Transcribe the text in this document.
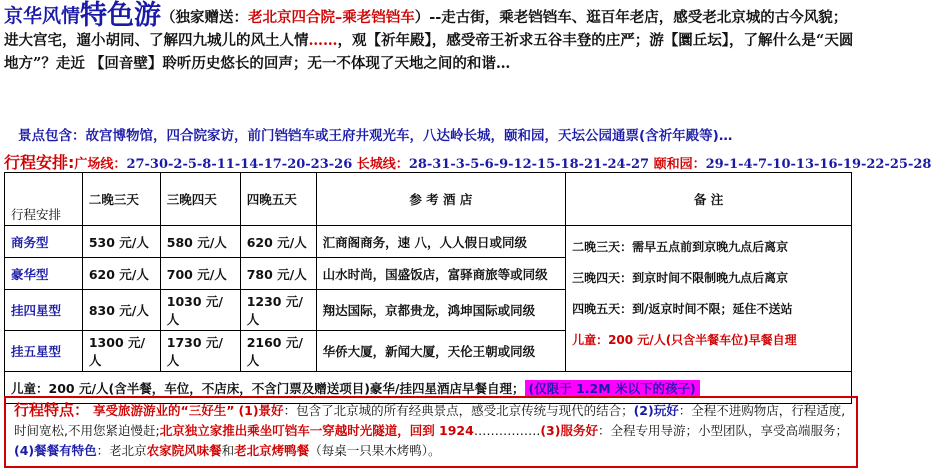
京华风情特色游（独家赠送：老北京四合院–乘老铛铛车）--走古街，乘老铛铛车、逛百年老店，感受老北京城的古今风貌；进大宫宅，遛小胡同、了解四九城儿的风土人情……，观【祈年殿】，感受帝王祈求五谷丰登的庄严；游【圜丘坛】，了解什么是“天圆地方”？走近 【回音壁】聆听历史悠长的回声；无一不体现了天地之间的和谐…
景点包含：故宫博物馆，四合院家访，前门铛铛车或王府井观光车，八达岭长城，颐和园，天坛公园通票(含祈年殿等)…
行程安排:广场线：27-30-2-5-8-11-14-17-20-23-26 长城线：28-31-3-5-6-9-12-15-18-21-24-27 颐和园：29-1-4-7-10-13-16-19-22-25-28
行程安排	二晚三天	三晚四天	四晚五天	参 考 酒 店	备 注
商务型	530 元/人	580 元/人	620 元/人	汇商阁商务，速 八，人人假日或同级	二晚三天：需早五点前到京晚九点后离京
三晚四天：到京时间不限制晚九点后离京
四晚五天：到/返京时间不限；延住不送站
儿童：200 元/人(只含半餐车位)早餐自理

豪华型	620 元/人	700 元/人	780 元/人	山水时尚，国盛饭店，富驿商旅等或同级	
挂四星型	830 元/人	1030 元/人	1230 元/人	翔达国际，京都贵龙，鸿坤国际或同级	
挂五星型	1300 元/人	1730 元/人	2160 元/人	华侨大厦，新闻大厦，天伦王朝或同级	
儿童：200 元/人(含半餐，车位，不店床，不含门票及赠送项目)豪华/挂四星酒店早餐自理； (仅限于 1.2M 米以下的孩子)					
行程特点： 享受旅游游业的“三好生” (1)景好：包含了北京城的所有经典景点，感受北京传统与现代的结合；(2)玩好：全程不进购物店，行程适度,时间宽松,不用您紧迫慢赶;北京独立家推出乘坐叮铛车一穿越时光隧道，回到 1924…………….(3)服务好：全程专用导游；小型团队，享受高端服务；(4)餐餐有特色：老北京农家院风味餐和老北京烤鸭餐（每桌一只果木烤鸭）。
